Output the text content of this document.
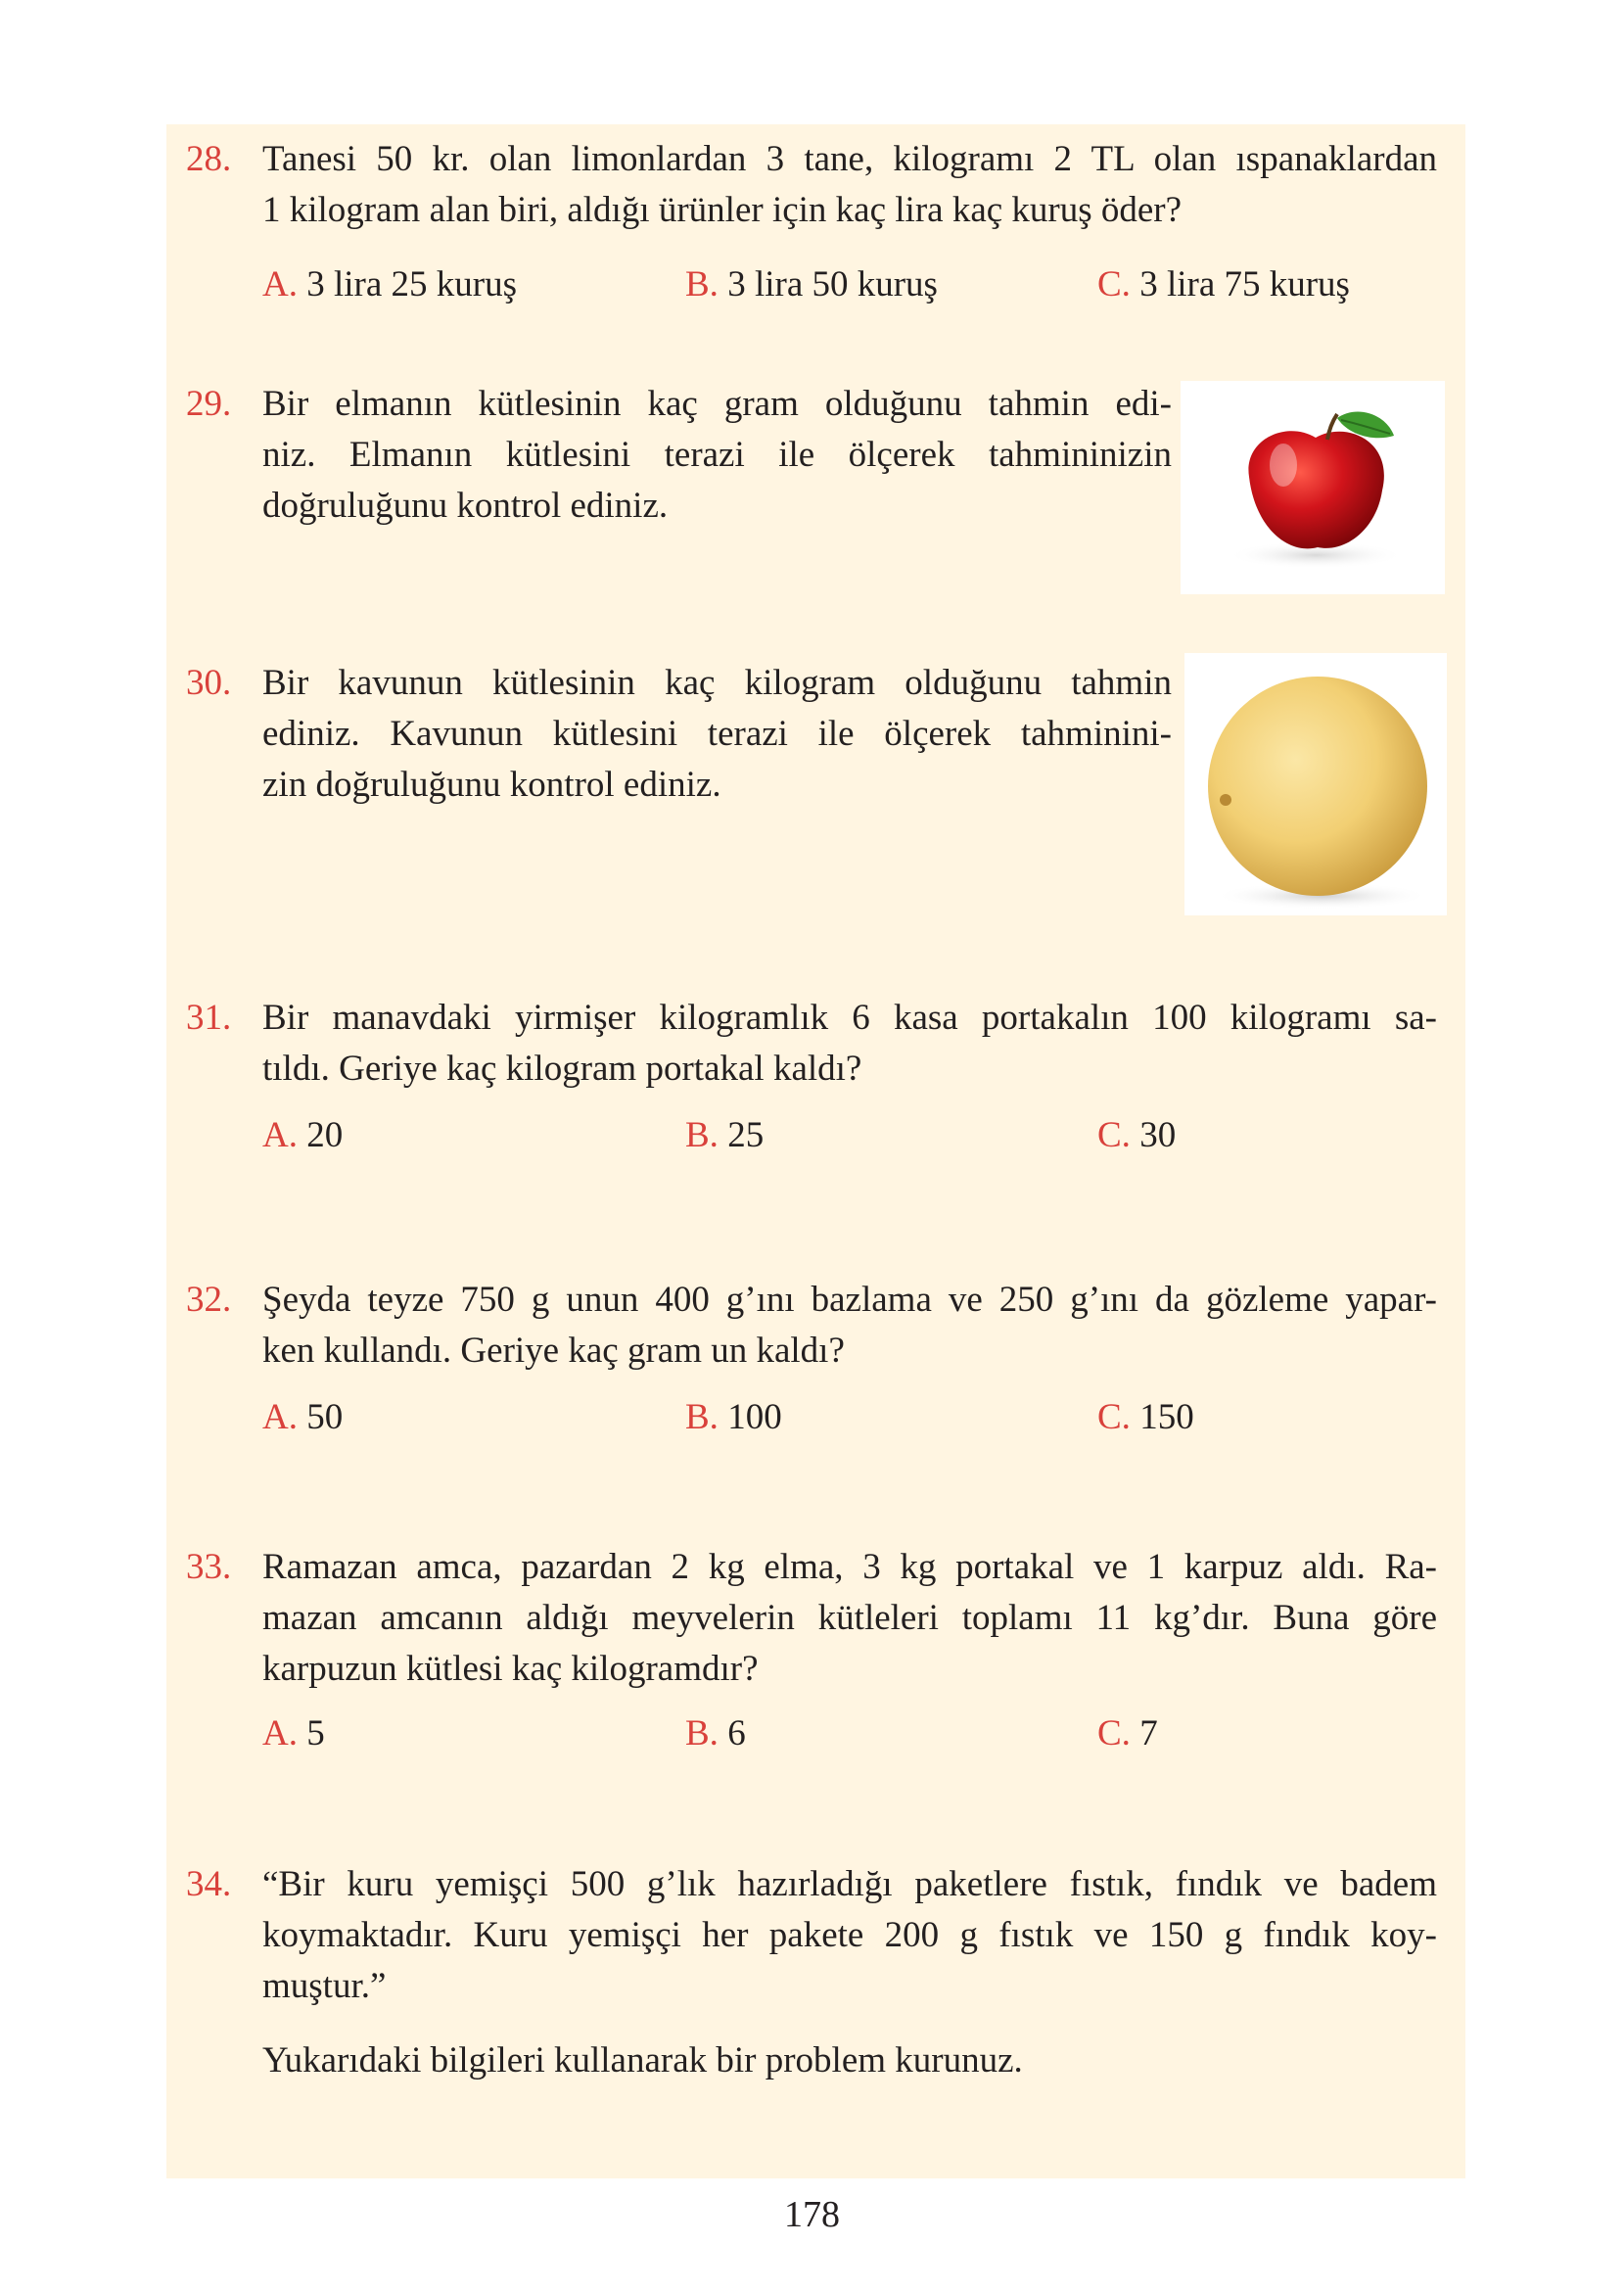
28. Tanesi 50 kr. olan limonlardan 3 tane, kilogramı 2 TL olan ıspanaklardan
1 kilogram alan biri, aldığı ürünler için kaç lira kaç kuruş öder?
A. 3 lira 25 kuruş	B. 3 lira 50 kuruş	C. 3 lira 75 kuruş
29. Bir elmanın kütlesinin kaç gram olduğunu tahmin edi-
niz. Elmanın kütlesini terazi ile ölçerek tahmininizin
doğruluğunu kontrol ediniz.
30. Bir kavunun kütlesinin kaç kilogram olduğunu tahmin
ediniz. Kavunun kütlesini terazi ile ölçerek tahminini-
zin doğruluğunu kontrol ediniz.
31. Bir manavdaki yirmişer kilogramlık 6 kasa portakalın 100 kilogramı sa-
tıldı. Geriye kaç kilogram portakal kaldı?
A. 20	B. 25	C. 30
32. Şeyda teyze 750 g unun 400 g’ını bazlama ve 250 g’ını da gözleme yapar-
ken kullandı. Geriye kaç gram un kaldı?
A. 50	B. 100	C. 150
33. Ramazan amca, pazardan 2 kg elma, 3 kg portakal ve 1 karpuz aldı. Ra-
mazan amcanın aldığı meyvelerin kütleleri toplamı 11 kg’dır. Buna göre
karpuzun kütlesi kaç kilogramdır?
A. 5	B. 6	C. 7
34. “Bir kuru yemişçi 500 g’lık hazırladığı paketlere fıstık, fındık ve badem
koymaktadır. Kuru yemişçi her pakete 200 g fıstık ve 150 g fındık koy-
muştur.”
Yukarıdaki bilgileri kullanarak bir problem kurunuz.
178
